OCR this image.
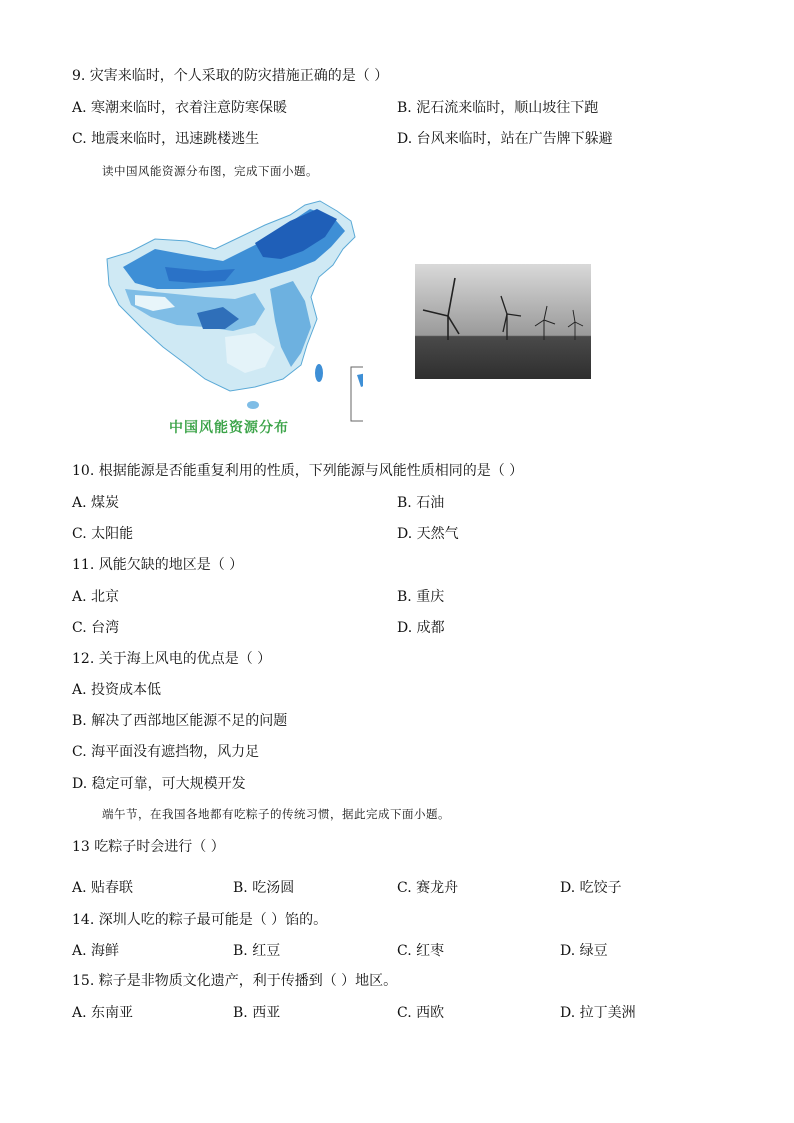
9. 灾害来临时，个人采取的防灾措施正确的是（ ）
A. 寒潮来临时，衣着注意防寒保暖	B. 泥石流来临时，顺山坡往下跑
C. 地震来临时，迅速跳楼逃生	D. 台风来临时，站在广告牌下躲避
读中国风能资源分布图，完成下面小题。
中国风能资源分布
10. 根据能源是否能重复利用的性质，下列能源与风能性质相同的是（ ）
A. 煤炭	B. 石油
C. 太阳能	D. 天然气
11. 风能欠缺的地区是（ ）
A. 北京	B. 重庆
C. 台湾	D. 成都
12. 关于海上风电的优点是（ ）
A. 投资成本低
B. 解决了西部地区能源不足的问题
C. 海平面没有遮挡物，风力足
D. 稳定可靠，可大规模开发
端午节，在我国各地都有吃粽子的传统习惯，据此完成下面小题。
13 吃粽子时会进行（ ）
A. 贴春联	B. 吃汤圆	C. 赛龙舟	D. 吃饺子
14. 深圳人吃的粽子最可能是（ ）馅的。
A. 海鲜	B. 红豆	C. 红枣	D. 绿豆
15. 粽子是非物质文化遗产，利于传播到（ ）地区。
A. 东南亚	B. 西亚	C. 西欧	D. 拉丁美洲
